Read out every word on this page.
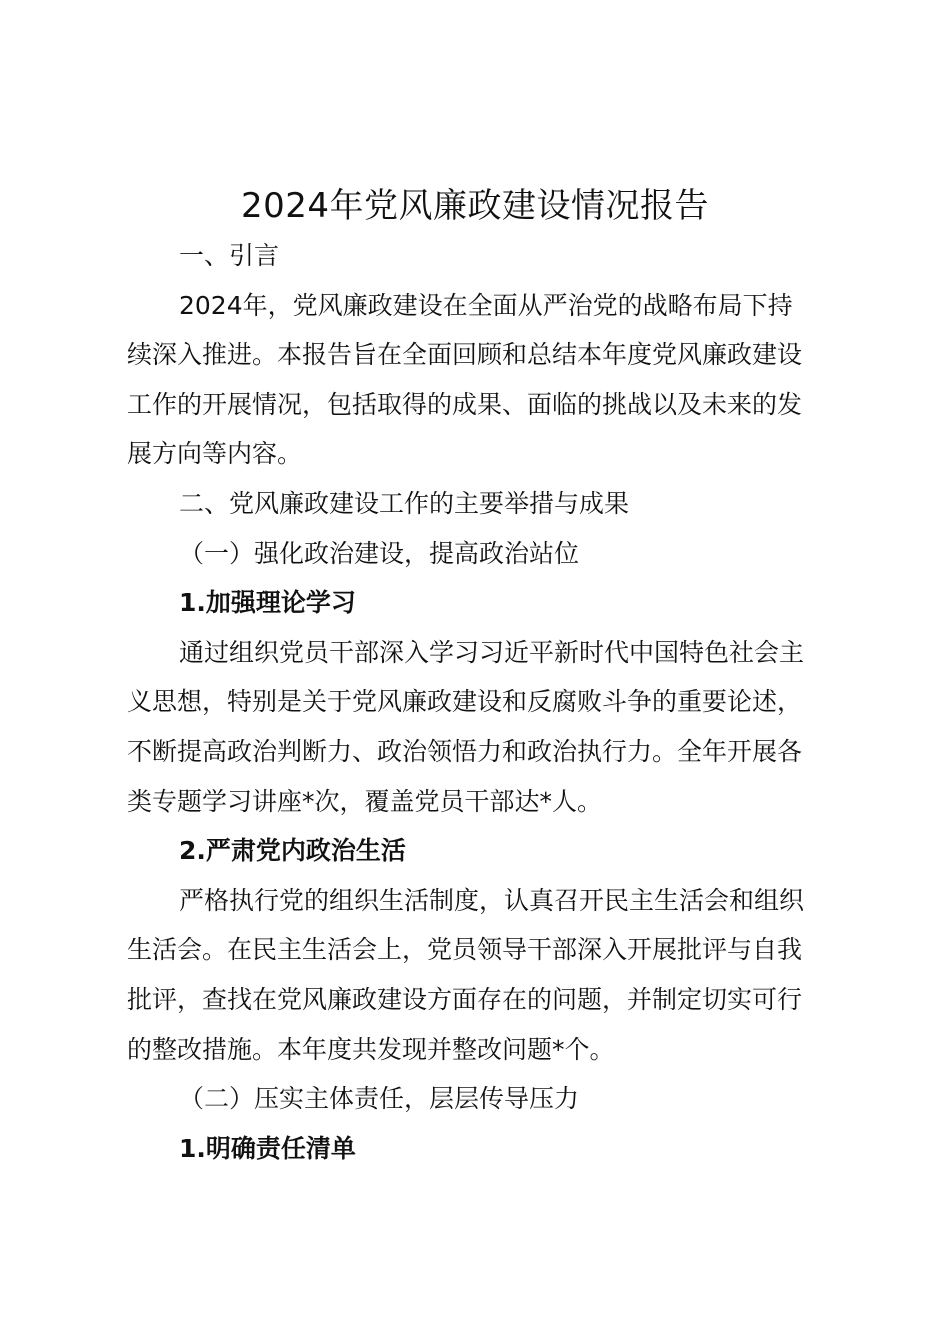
2024年党风廉政建设情况报告

一、引言

2024年，党风廉政建设在全面从严治党的战略布局下持
续深入推进。本报告旨在全面回顾和总结本年度党风廉政建设
工作的开展情况，包括取得的成果、面临的挑战以及未来的发
展方向等内容。

二、党风廉政建设工作的主要举措与成果

（一）强化政治建设，提高政治站位

1.加强理论学习

通过组织党员干部深入学习习近平新时代中国特色社会主
义思想，特别是关于党风廉政建设和反腐败斗争的重要论述，
不断提高政治判断力、政治领悟力和政治执行力。全年开展各
类专题学习讲座*次，覆盖党员干部达*人。

2.严肃党内政治生活

严格执行党的组织生活制度，认真召开民主生活会和组织
生活会。在民主生活会上，党员领导干部深入开展批评与自我
批评，查找在党风廉政建设方面存在的问题，并制定切实可行
的整改措施。本年度共发现并整改问题*个。

（二）压实主体责任，层层传导压力

1.明确责任清单
